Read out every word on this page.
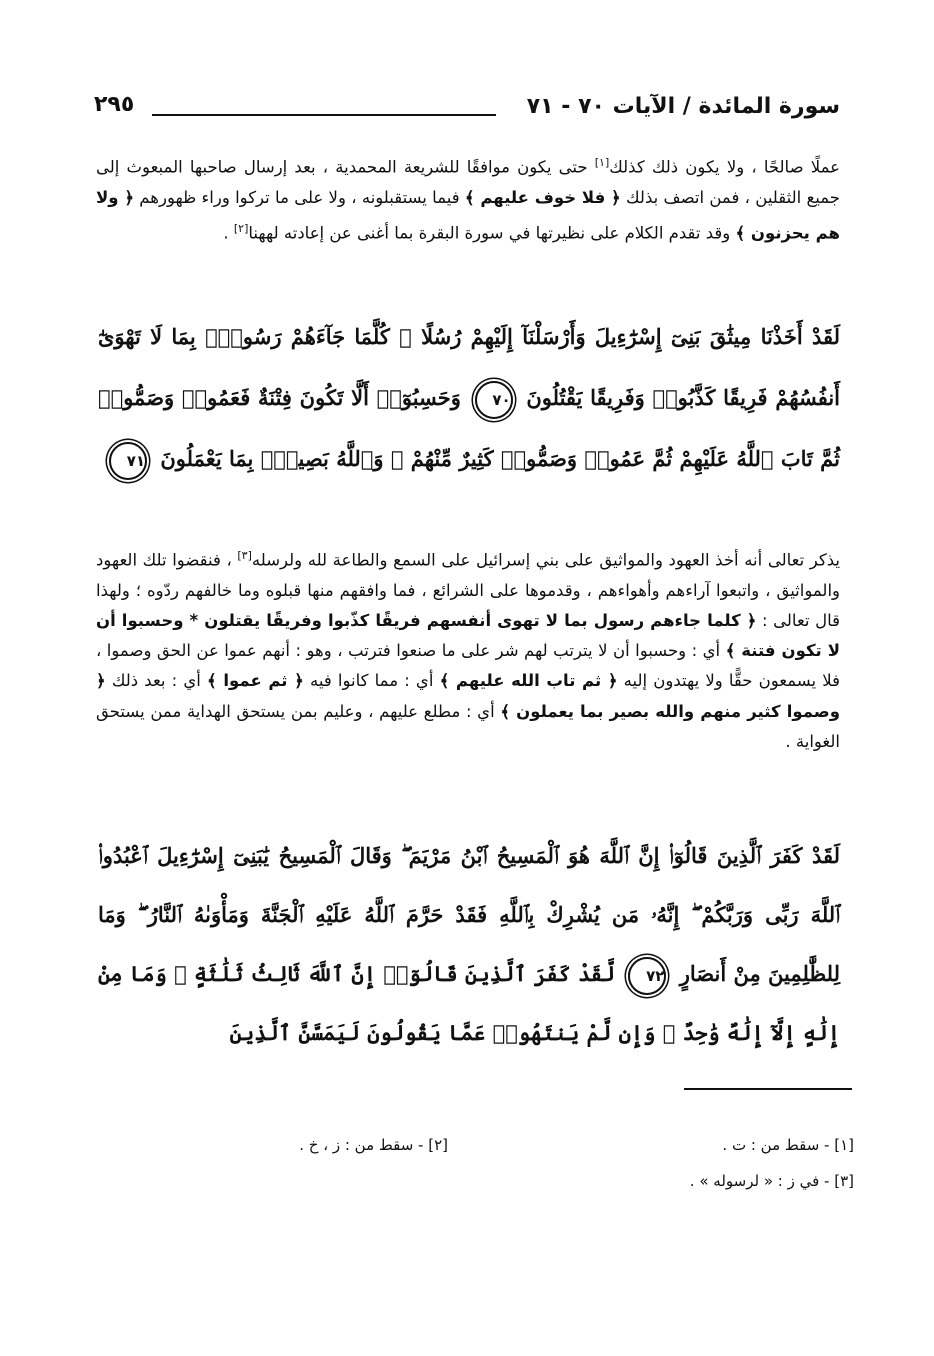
٢٩٥	سورة المائدة / الآيات ٧٠ - ٧١
عملًا صالحًا ، ولا يكون ذلك كذلك[١] حتى يكون موافقًا للشريعة المحمدية ، بعد إرسال صاحبها المبعوث إلى جميع الثقلين ، فمن اتصف بذلك ﴿ فلا خوف عليهم ﴾ فيما يستقبلونه ، ولا على ما تركوا وراء ظهورهم ﴿ ولا هم يحزنون ﴾ وقد تقدم الكلام على نظيرتها في سورة البقرة بما أغنى عن إعادته لههنا[٢] .
لَقَدْ أَخَذْنَا مِيثَٰقَ بَنِىٓ إِسْرَٰٓءِيلَ وَأَرْسَلْنَآ إِلَيْهِمْ رُسُلًا ۖ كُلَّمَا جَآءَهُمْ رَسُولٌۢ بِمَا لَا تَهْوَىٰٓ أَنفُسُهُمْ فَرِيقًا كَذَّبُوا۟ وَفَرِيقًا يَقْتُلُونَ ٧٠ وَحَسِبُوٓا۟ أَلَّا تَكُونَ فِتْنَةٌ فَعَمُوا۟ وَصَمُّوا۟ ثُمَّ تَابَ ٱللَّهُ عَلَيْهِمْ ثُمَّ عَمُوا۟ وَصَمُّوا۟ كَثِيرٌ مِّنْهُمْ ۚ وَٱللَّهُ بَصِيرٌۢ بِمَا يَعْمَلُونَ ٧١
يذكر تعالى أنه أخذ العهود والمواثيق على بني إسرائيل على السمع والطاعة لله ولرسله[٣] ، فنقضوا تلك العهود والمواثيق ، واتبعوا آراءهم وأهواءهم ، وقدموها على الشرائع ، فما وافقهم منها قبلوه وما خالفهم ردّوه ؛ ولهذا قال تعالى : ﴿ كلما جاءهم رسول بما لا تهوى أنفسهم فريقًا كذّبوا وفريقًا يقتلون * وحسبوا أن لا تكون فتنة ﴾ أي : وحسبوا أن لا يترتب لهم شر على ما صنعوا فترتب ، وهو : أنهم عموا عن الحق وصموا ، فلا يسمعون حقًّا ولا يهتدون إليه ﴿ ثم تاب الله عليهم ﴾ أي : مما كانوا فيه ﴿ ثم عموا ﴾ أي : بعد ذلك ﴿ وصموا كثير منهم والله بصير بما يعملون ﴾ أي : مطلع عليهم ، وعليم بمن يستحق الهداية ممن يستحق الغواية .
لَقَدْ كَفَرَ ٱلَّذِينَ قَالُوٓا۟ إِنَّ ٱللَّهَ هُوَ ٱلْمَسِيحُ ٱبْنُ مَرْيَمَ ۖ وَقَالَ ٱلْمَسِيحُ يَٰبَنِىٓ إِسْرَٰٓءِيلَ ٱعْبُدُوا۟ ٱللَّهَ رَبِّى وَرَبَّكُمْ ۖ إِنَّهُۥ مَن يُشْرِكْ بِٱللَّهِ فَقَدْ حَرَّمَ ٱللَّهُ عَلَيْهِ ٱلْجَنَّةَ وَمَأْوَىٰهُ ٱلنَّارُ ۖ وَمَا لِلظَّٰلِمِينَ مِنْ أَنصَارٍ ٧٢ لَّقَدْ كَفَرَ ٱلَّذِينَ قَالُوٓا۟ إِنَّ ٱللَّهَ ثَالِثُ ثَلَٰثَةٍ ۘ وَمَا مِنْ إِلَٰهٍ إِلَّآ إِلَٰهٌ وَٰحِدٌ ۚ وَإِن لَّمْ يَنتَهُوا۟ عَمَّا يَقُولُونَ لَيَمَسَّنَّ ٱلَّذِينَ
[١] - سقط من : ت .
[٢] - سقط من : ز ، خ .
[٣] - في ز : « لرسوله » .
